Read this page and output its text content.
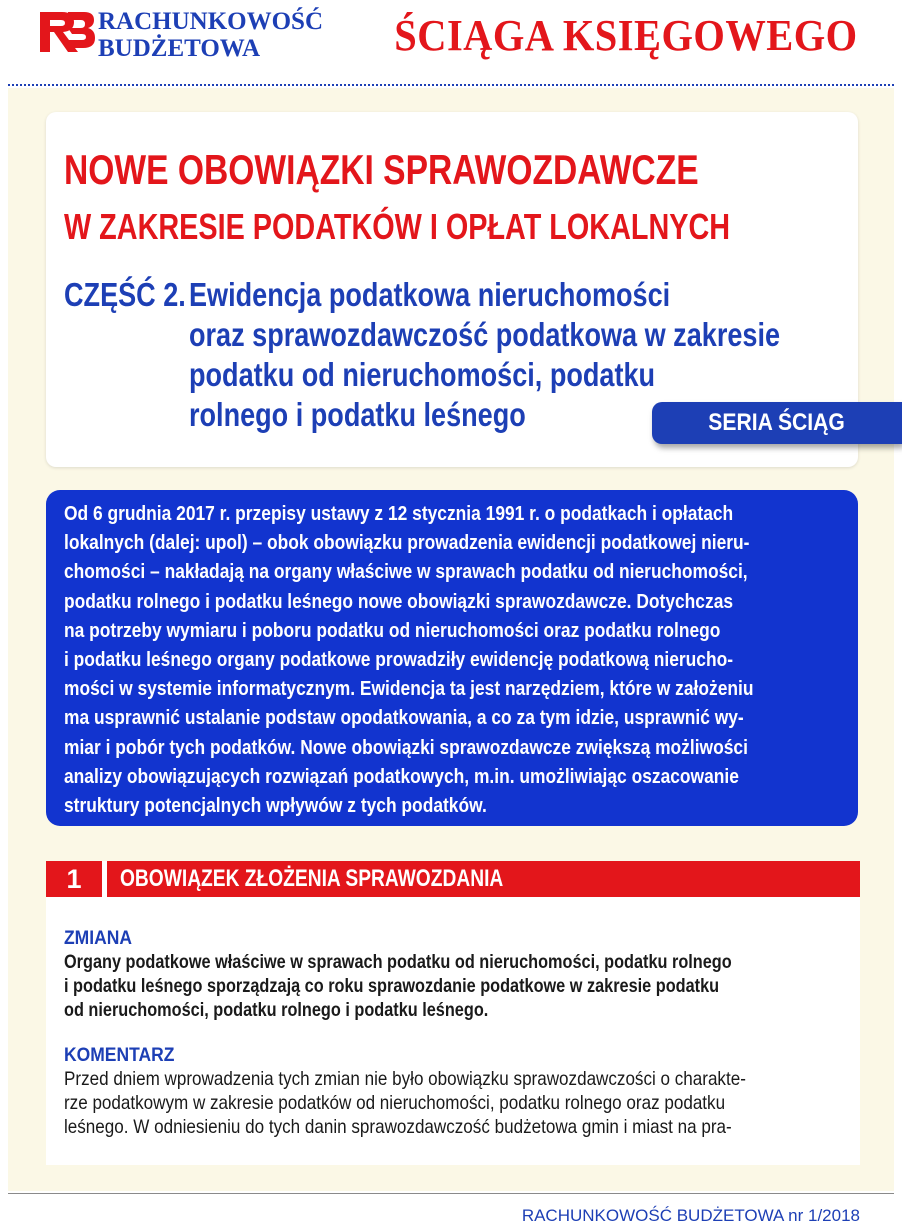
RACHUNKOWOŚĆ
BUDŻETOWA	ŚCIĄGA KSIĘGOWEGO
NOWE OBOWIĄZKI SPRAWOZDAWCZE
W ZAKRESIE PODATKÓW I OPŁAT LOKALNYCH
CZĘŚĆ 2. Ewidencja podatkowa nieruchomości
oraz sprawozdawczość podatkowa w zakresie
podatku od nieruchomości, podatku
rolnego i podatku leśnego	SERIA ŚCIĄG
Od 6 grudnia 2017 r. przepisy ustawy z 12 stycznia 1991 r. o podatkach i opłatach
lokalnych (dalej: upol) – obok obowiązku prowadzenia ewidencji podatkowej nieru-
chomości – nakładają na organy właściwe w sprawach podatku od nieruchomości,
podatku rolnego i podatku leśnego nowe obowiązki sprawozdawcze. Dotychczas
na potrzeby wymiaru i poboru podatku od nieruchomości oraz podatku rolnego
i podatku leśnego organy podatkowe prowadziły ewidencję podatkową nierucho-
mości w systemie informatycznym. Ewidencja ta jest narzędziem, które w założeniu
ma usprawnić ustalanie podstaw opodatkowania, a co za tym idzie, usprawnić wy-
miar i pobór tych podatków. Nowe obowiązki sprawozdawcze zwiększą możliwości
analizy obowiązujących rozwiązań podatkowych, m.in. umożliwiając oszacowanie
struktury potencjalnych wpływów z tych podatków.
1	OBOWIĄZEK ZŁOŻENIA SPRAWOZDANIA
ZMIANA
Organy podatkowe właściwe w sprawach podatku od nieruchomości, podatku rolnego
i podatku leśnego sporządzają co roku sprawozdanie podatkowe w zakresie podatku
od nieruchomości, podatku rolnego i podatku leśnego.
KOMENTARZ
Przed dniem wprowadzenia tych zmian nie było obowiązku sprawozdawczości o charakte-
rze podatkowym w zakresie podatków od nieruchomości, podatku rolnego oraz podatku
leśnego. W odniesieniu do tych danin sprawozdawczość budżetowa gmin i miast na pra-
RACHUNKOWOŚĆ BUDŻETOWA nr 1/2018
